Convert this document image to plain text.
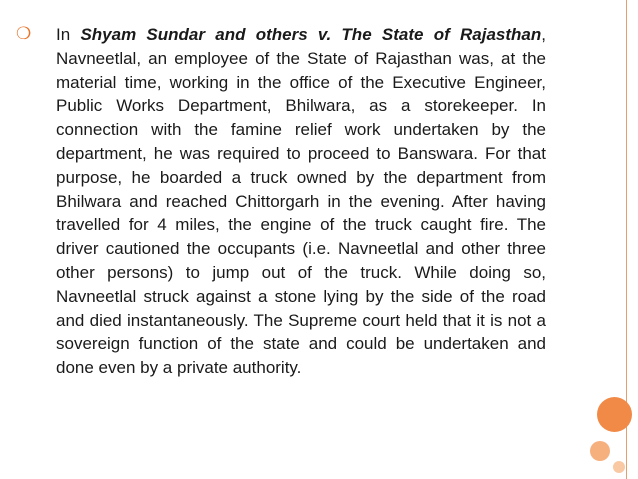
❍ In Shyam Sundar and others v. The State of Rajasthan, Navneetlal, an employee of the State of Rajasthan was, at the material time, working in the office of the Executive Engineer, Public Works Department, Bhilwara, as a storekeeper. In connection with the famine relief work undertaken by the department, he was required to proceed to Banswara. For that purpose, he boarded a truck owned by the department from Bhilwara and reached Chittorgarh in the evening. After having travelled for 4 miles, the engine of the truck caught fire. The driver cautioned the occupants (i.e. Navneetlal and other three other persons) to jump out of the truck. While doing so, Navneetlal struck against a stone lying by the side of the road and died instantaneously. The Supreme court held that it is not a sovereign function of the state and could be undertaken and done even by a private authority.
